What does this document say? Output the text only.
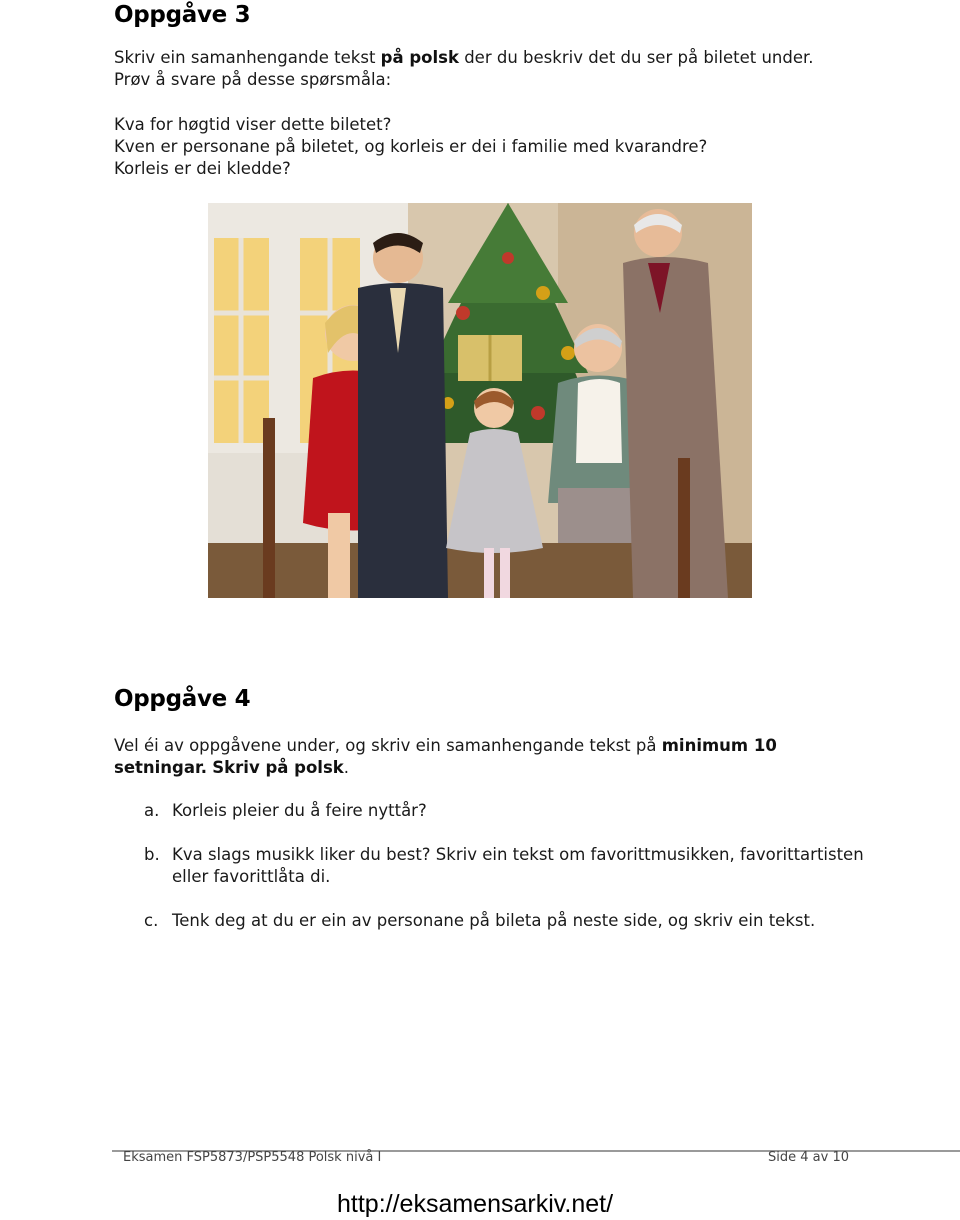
Oppgåve 3

Skriv ein samanhengande tekst på polsk der du beskriv det du ser på biletet under. Prøv å svare på desse spørsmåla:

Kva for høgtid viser dette biletet?
Kven er personane på biletet, og korleis er dei i familie med kvarandre?
Korleis er dei kledde?

Oppgåve 4

Vel éi av oppgåvene under, og skriv ein samanhengande tekst på minimum 10 setningar. Skriv på polsk.

a. Korleis pleier du å feire nyttår?
b. Kva slags musikk liker du best? Skriv ein tekst om favorittmusikken, favorittartisten eller favorittlåta di.
c. Tenk deg at du er ein av personane på bileta på neste side, og skriv ein tekst.
Eksamen FSP5873/PSP5548 Polsk nivå I	Side 4 av 10
http://eksamensarkiv.net/
